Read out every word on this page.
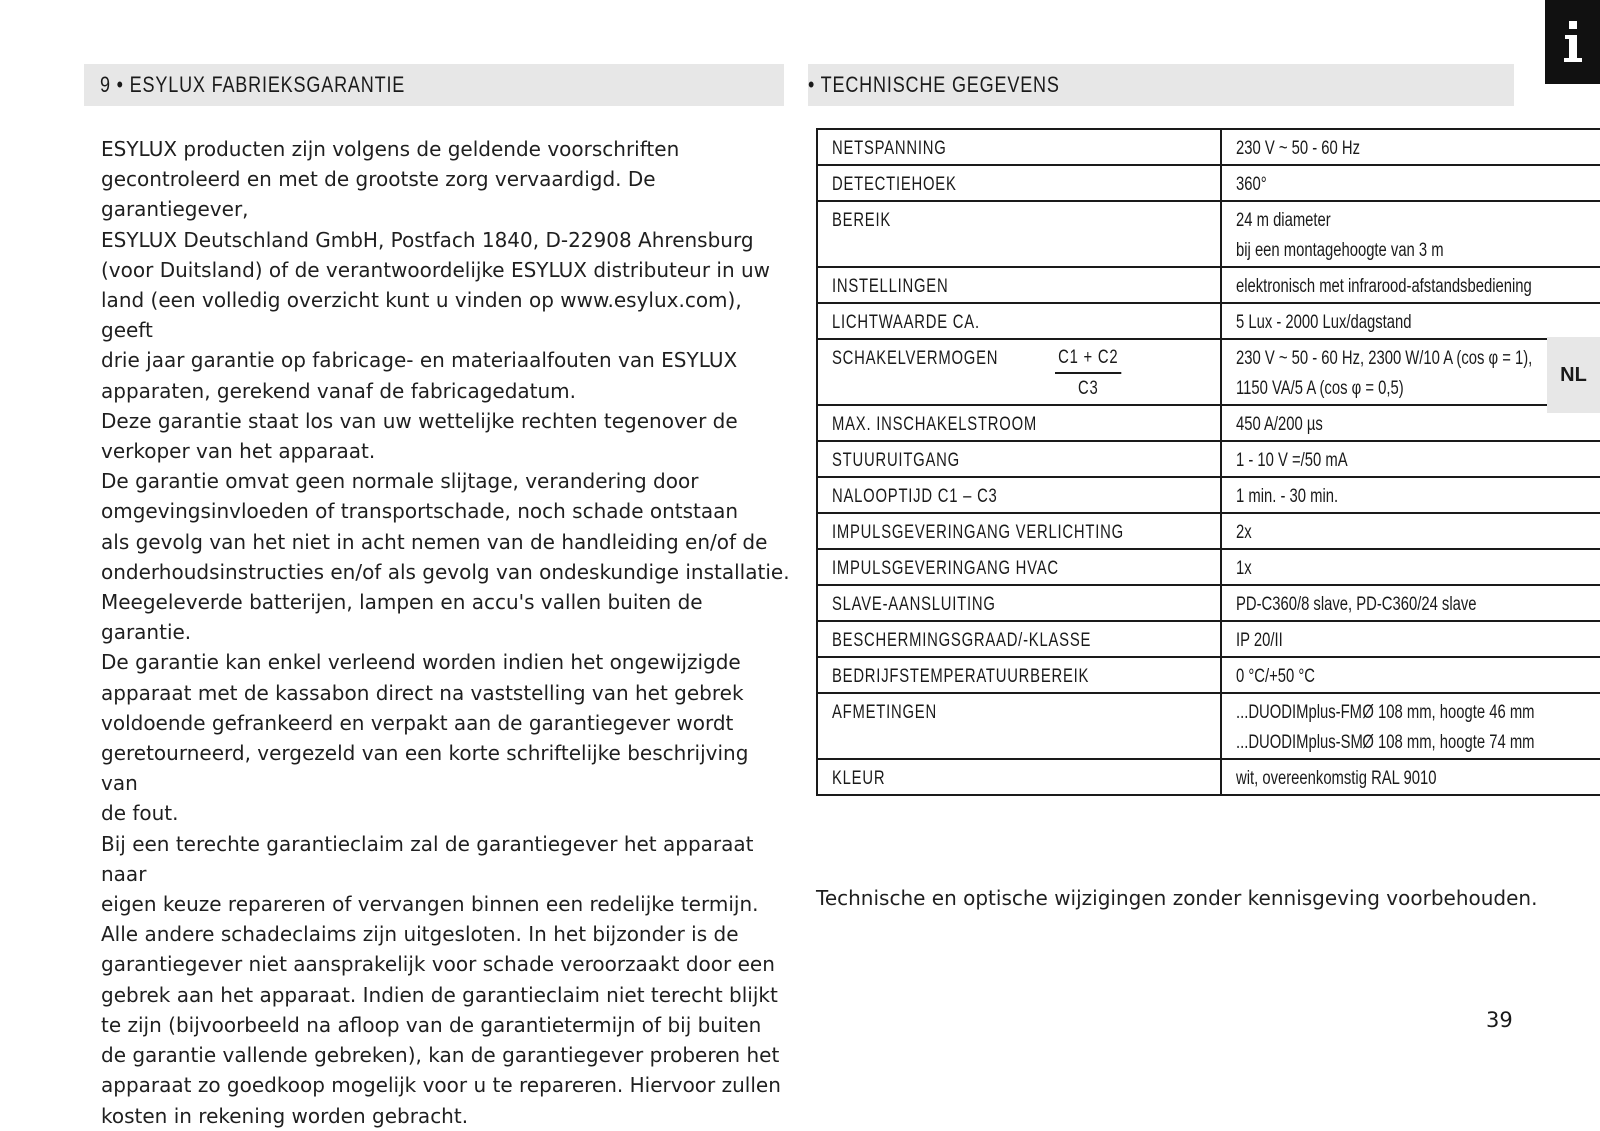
9 • ESYLUX FABRIEKSGARANTIE	• TECHNISCHE GEGEVENS

ESYLUX producten zijn volgens de geldende voorschriften

gecontroleerd en met de grootste zorg vervaardigd. De garantiegever,

ESYLUX Deutschland GmbH, Postfach 1840, D-22908 Ahrensburg

(voor Duitsland) of de verantwoordelijke ESYLUX distributeur in uw

land (een volledig overzicht kunt u vinden op www.esylux.com), geeft

drie jaar garantie op fabricage- en materiaalfouten van ESYLUX

apparaten, gerekend vanaf de fabricagedatum.

Deze garantie staat los van uw wettelijke rechten tegenover de

verkoper van het apparaat.

De garantie omvat geen normale slijtage, verandering door

omgevingsinvloeden of transportschade, noch schade ontstaan

als gevolg van het niet in acht nemen van de handleiding en/of de

onderhoudsinstructies en/of als gevolg van ondeskundige installatie.

Meegeleverde batterijen, lampen en accu's vallen buiten de garantie.

De garantie kan enkel verleend worden indien het ongewijzigde

apparaat met de kassabon direct na vaststelling van het gebrek

voldoende gefrankeerd en verpakt aan de garantiegever wordt

geretourneerd, vergezeld van een korte schriftelijke beschrijving van

de fout.

Bij een terechte garantieclaim zal de garantiegever het apparaat naar

eigen keuze repareren of vervangen binnen een redelijke termijn.

Alle andere schadeclaims zijn uitgesloten. In het bijzonder is de

garantiegever niet aansprakelijk voor schade veroorzaakt door een

gebrek aan het apparaat. Indien de garantieclaim niet terecht blijkt

te zijn (bijvoorbeeld na afloop van de garantietermijn of bij buiten

de garantie vallende gebreken), kan de garantiegever proberen het

apparaat zo goedkoop mogelijk voor u te repareren. Hiervoor zullen

kosten in rekening worden gebracht.

NETSPANNING	230 V ~ 50 - 60 Hz

DETECTIEHOEK	360°

BEREIK	24 m diameter
bij een montagehoogte van 3 m

INSTELLINGEN	elektronisch met infrarood-afstandsbediening

LICHTWAARDE CA.	5 Lux - 2000 Lux/dagstand

SCHAKELVERMOGEN $\frac{C1 + C2}{C3}$	230 V ~ 50 - 60 Hz, 2300 W/10 A (cos φ = 1),
1150 VA/5 A (cos φ = 0,5)

MAX. INSCHAKELSTROOM	450 A/200 µs

STUURUITGANG	1 - 10 V =/50 mA

NALOOPTIJD C1 – C3	1 min. - 30 min.

IMPULSGEVERINGANG VERLICHTING	2x

IMPULSGEVERINGANG HVAC	1x

SLAVE-AANSLUITING	PD-C360/8 slave, PD-C360/24 slave

BESCHERMINGSGRAAD/-KLASSE	IP 20/II

BEDRIJFSTEMPERATUURBEREIK	0 °C/+50 °C

AFMETINGEN	...DUODIMplus-FMØ 108 mm, hoogte 46 mm
...DUODIMplus-SMØ 108 mm, hoogte 74 mm

KLEUR	wit, overeenkomstig RAL 9010
Technische en optische wijzigingen zonder kennisgeving voorbehouden.
39
NL
